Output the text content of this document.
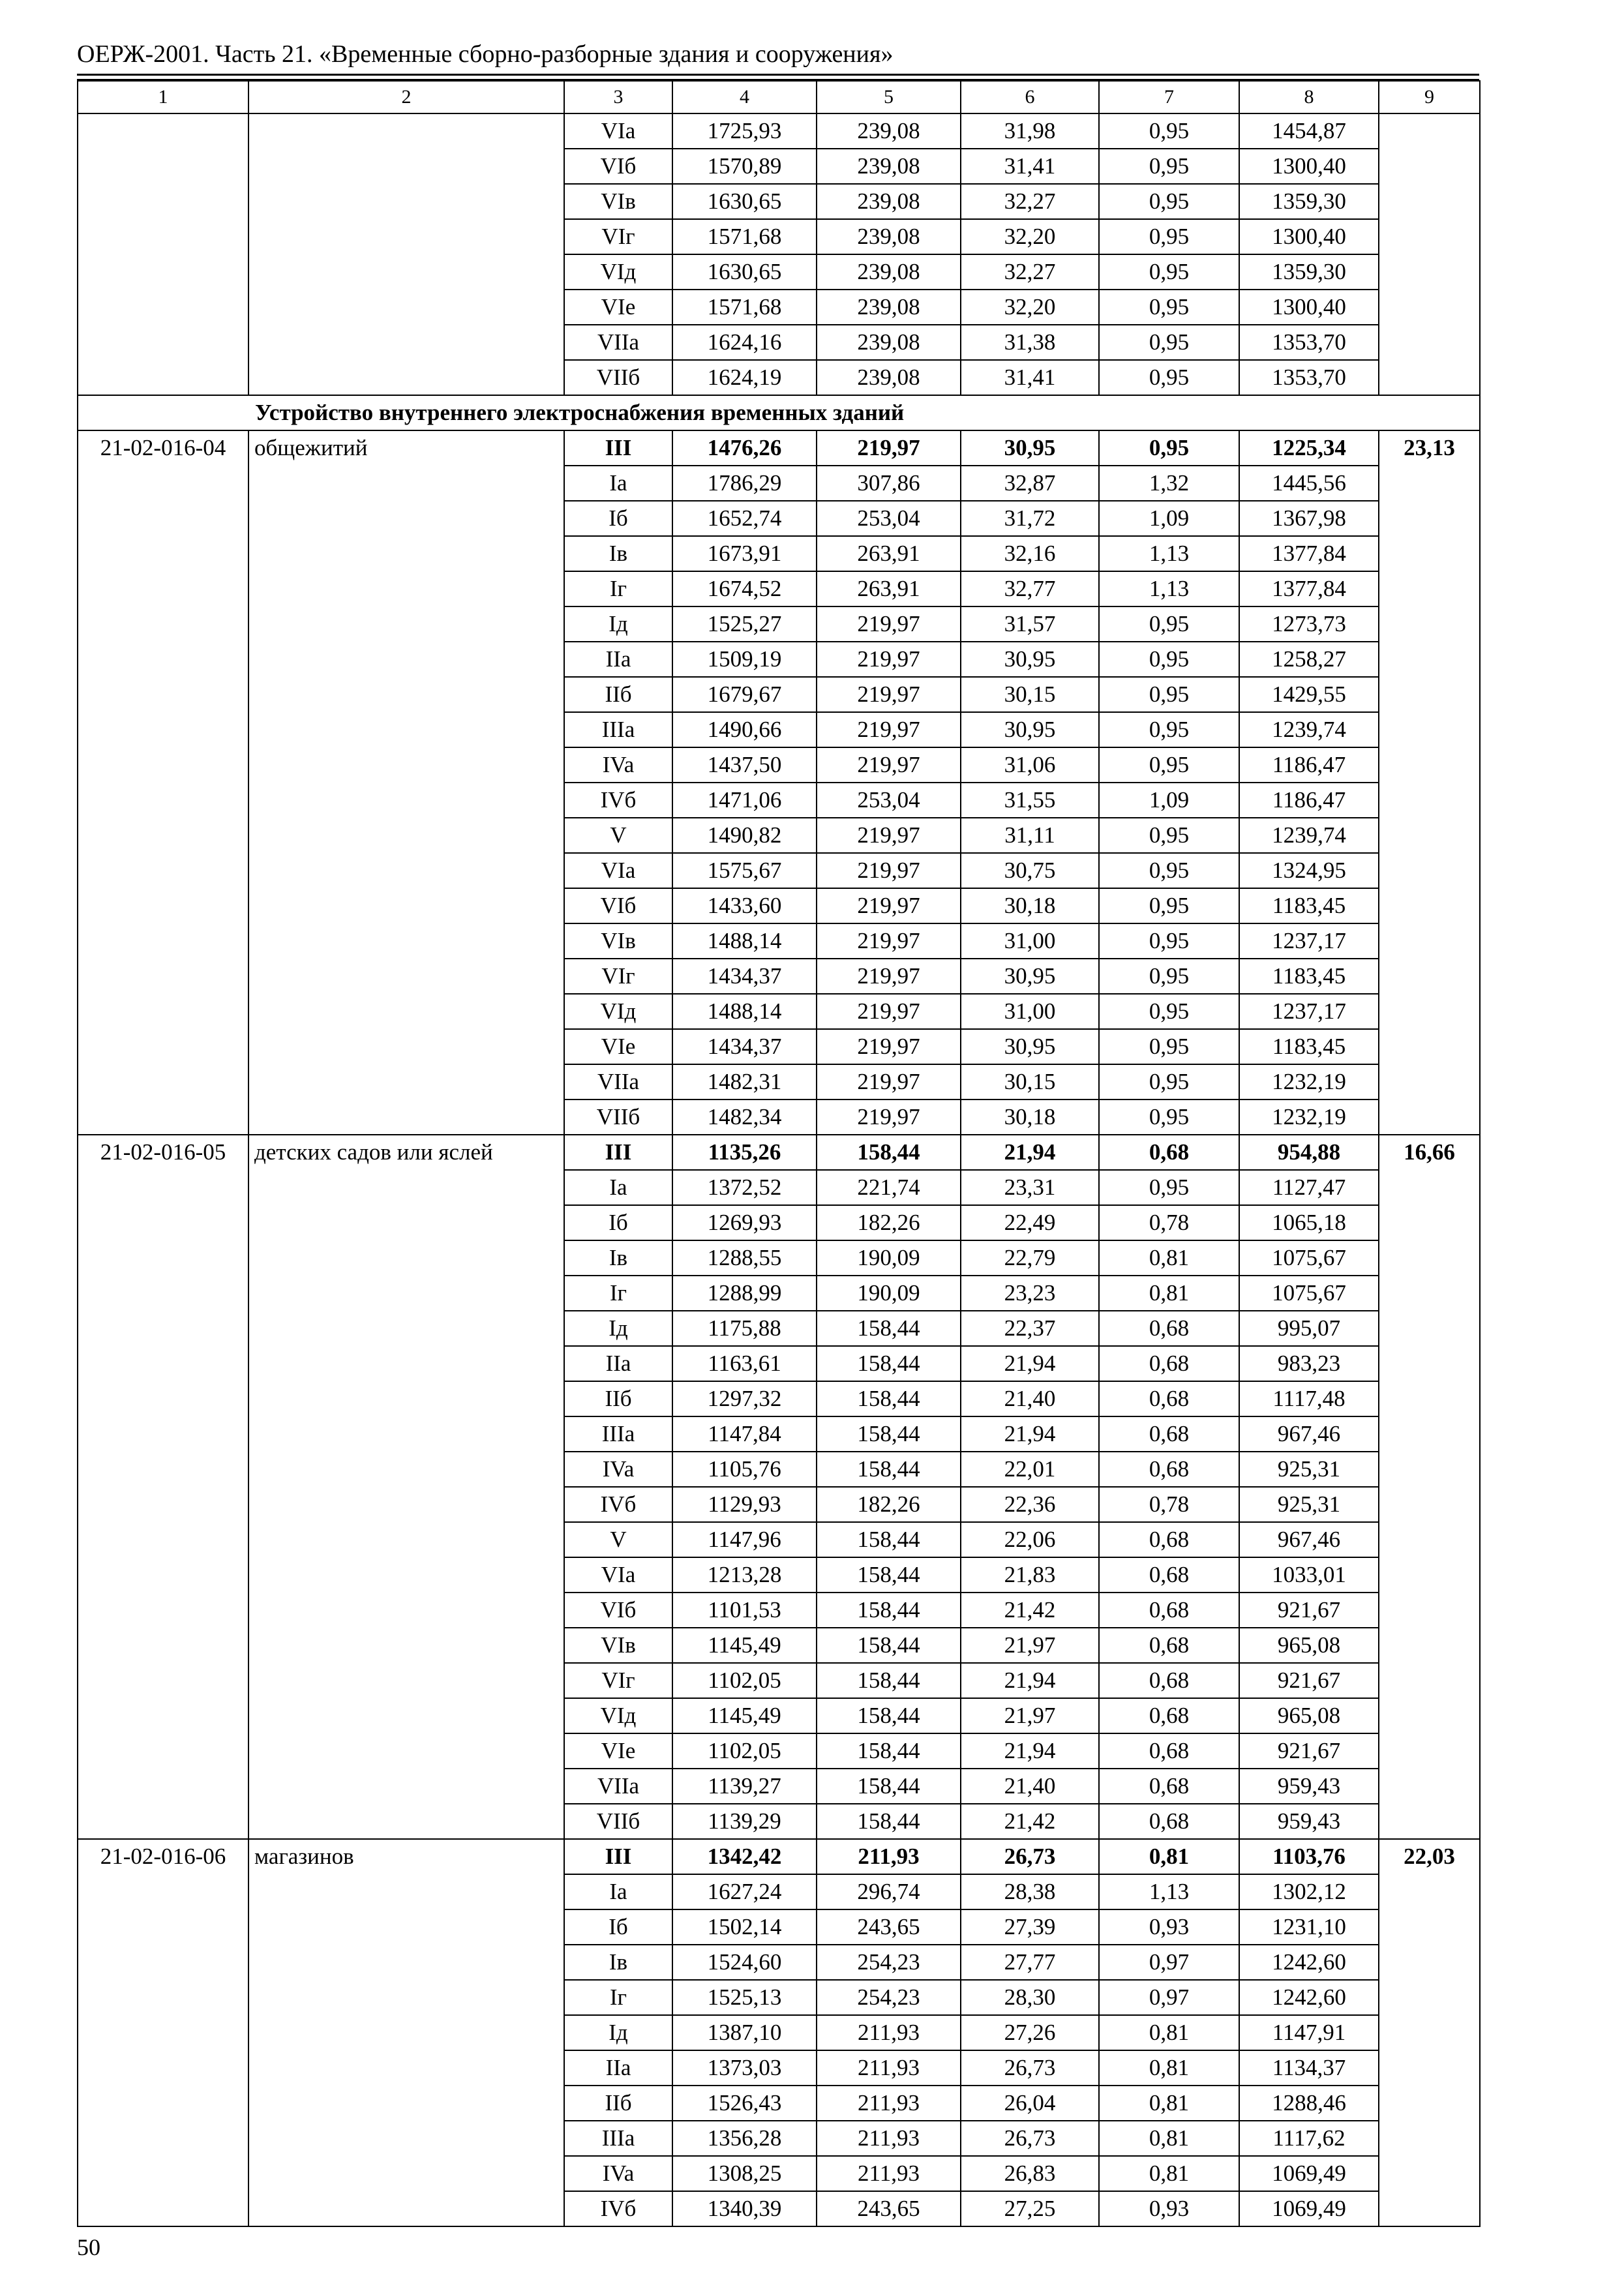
ОЕРЖ-2001. Часть 21. «Временные сборно-разборные здания и сооружения»
1	2	3	4	5	6	7	8	9
		VIa	1725,93	239,08	31,98	0,95	1454,87	
		VIб	1570,89	239,08	31,41	0,95	1300,40	
		VIв	1630,65	239,08	32,27	0,95	1359,30	
		VIг	1571,68	239,08	32,20	0,95	1300,40	
		VIд	1630,65	239,08	32,27	0,95	1359,30	
		VIe	1571,68	239,08	32,20	0,95	1300,40	
		VIIa	1624,16	239,08	31,38	0,95	1353,70	
		VIIб	1624,19	239,08	31,41	0,95	1353,70	
	Устройство внутреннего электроснабжения временных зданий							
21-02-016-04	общежитий	III	1476,26	219,97	30,95	0,95	1225,34	23,13
		Ia	1786,29	307,86	32,87	1,32	1445,56	
		Iб	1652,74	253,04	31,72	1,09	1367,98	
		Iв	1673,91	263,91	32,16	1,13	1377,84	
		Iг	1674,52	263,91	32,77	1,13	1377,84	
		Iд	1525,27	219,97	31,57	0,95	1273,73	
		IIa	1509,19	219,97	30,95	0,95	1258,27	
		IIб	1679,67	219,97	30,15	0,95	1429,55	
		IIIa	1490,66	219,97	30,95	0,95	1239,74	
		IVa	1437,50	219,97	31,06	0,95	1186,47	
		IVб	1471,06	253,04	31,55	1,09	1186,47	
		V	1490,82	219,97	31,11	0,95	1239,74	
		VIa	1575,67	219,97	30,75	0,95	1324,95	
		VIб	1433,60	219,97	30,18	0,95	1183,45	
		VIв	1488,14	219,97	31,00	0,95	1237,17	
		VIг	1434,37	219,97	30,95	0,95	1183,45	
		VIд	1488,14	219,97	31,00	0,95	1237,17	
		VIe	1434,37	219,97	30,95	0,95	1183,45	
		VIIa	1482,31	219,97	30,15	0,95	1232,19	
		VIIб	1482,34	219,97	30,18	0,95	1232,19	
21-02-016-05	детских садов или яслей	III	1135,26	158,44	21,94	0,68	954,88	16,66
		Ia	1372,52	221,74	23,31	0,95	1127,47	
		Iб	1269,93	182,26	22,49	0,78	1065,18	
		Iв	1288,55	190,09	22,79	0,81	1075,67	
		Iг	1288,99	190,09	23,23	0,81	1075,67	
		Iд	1175,88	158,44	22,37	0,68	995,07	
		IIa	1163,61	158,44	21,94	0,68	983,23	
		IIб	1297,32	158,44	21,40	0,68	1117,48	
		IIIa	1147,84	158,44	21,94	0,68	967,46	
		IVa	1105,76	158,44	22,01	0,68	925,31	
		IVб	1129,93	182,26	22,36	0,78	925,31	
		V	1147,96	158,44	22,06	0,68	967,46	
		VIa	1213,28	158,44	21,83	0,68	1033,01	
		VIб	1101,53	158,44	21,42	0,68	921,67	
		VIв	1145,49	158,44	21,97	0,68	965,08	
		VIг	1102,05	158,44	21,94	0,68	921,67	
		VIд	1145,49	158,44	21,97	0,68	965,08	
		VIe	1102,05	158,44	21,94	0,68	921,67	
		VIIa	1139,27	158,44	21,40	0,68	959,43	
		VIIб	1139,29	158,44	21,42	0,68	959,43	
21-02-016-06	магазинов	III	1342,42	211,93	26,73	0,81	1103,76	22,03
		Ia	1627,24	296,74	28,38	1,13	1302,12	
		Iб	1502,14	243,65	27,39	0,93	1231,10	
		Iв	1524,60	254,23	27,77	0,97	1242,60	
		Iг	1525,13	254,23	28,30	0,97	1242,60	
		Iд	1387,10	211,93	27,26	0,81	1147,91	
		IIa	1373,03	211,93	26,73	0,81	1134,37	
		IIб	1526,43	211,93	26,04	0,81	1288,46	
		IIIa	1356,28	211,93	26,73	0,81	1117,62	
		IVa	1308,25	211,93	26,83	0,81	1069,49	
		IVб	1340,39	243,65	27,25	0,93	1069,49	
50
